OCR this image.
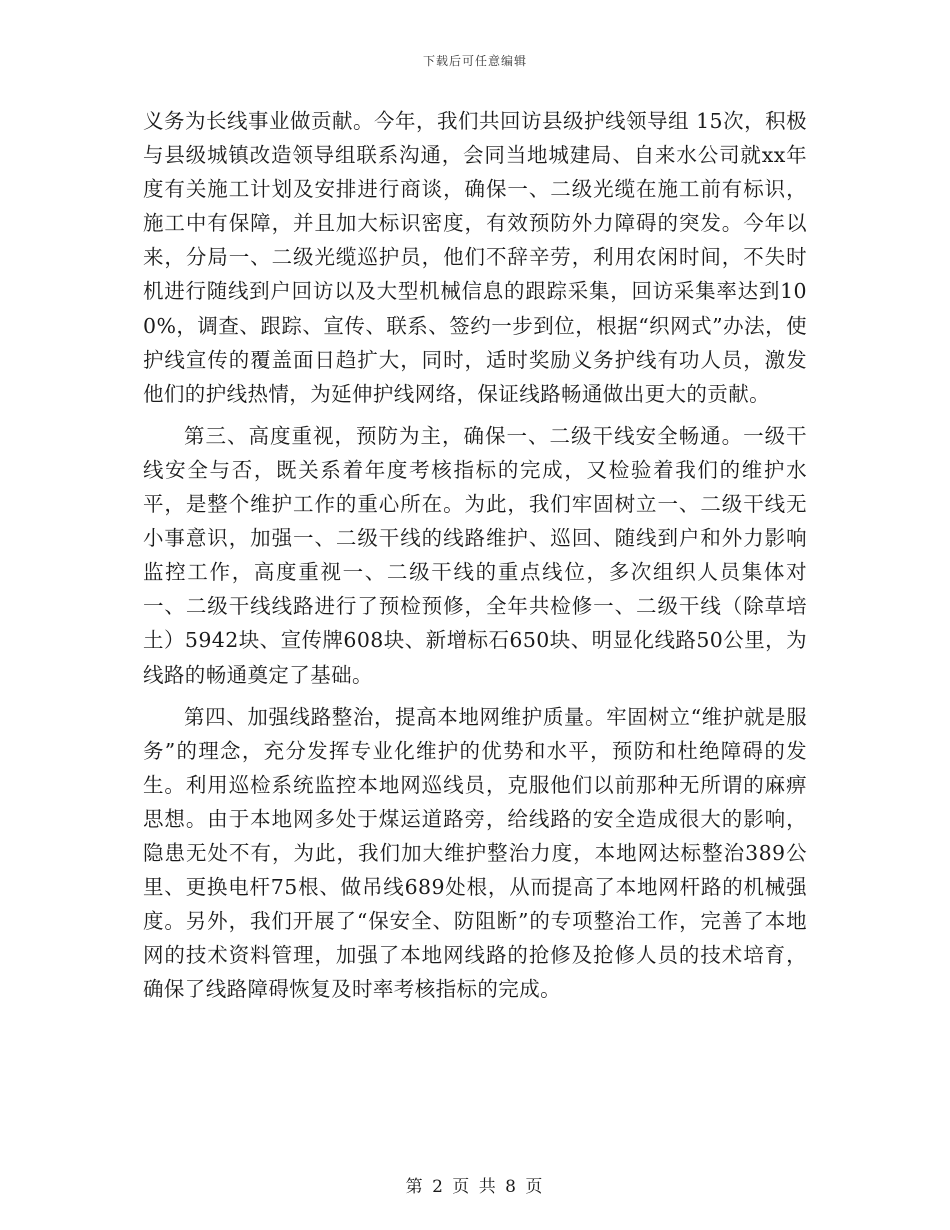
下载后可任意编辑

义务为长线事业做贡献。今年，我们共回访县级护线领导组 15次，积极与县级城镇改造领导组联系沟通，会同当地城建局、自来水公司就xx年度有关施工计划及安排进行商谈，确保一、二级光缆在施工前有标识，施工中有保障，并且加大标识密度，有效预防外力障碍的突发。今年以来，分局一、二级光缆巡护员，他们不辞辛劳，利用农闲时间，不失时机进行随线到户回访以及大型机械信息的跟踪采集，回访采集率达到100%，调查、跟踪、宣传、联系、签约一步到位，根据“织网式”办法，使护线宣传的覆盖面日趋扩大，同时，适时奖励义务护线有功人员，激发他们的护线热情，为延伸护线网络，保证线路畅通做出更大的贡献。

第三、高度重视，预防为主，确保一、二级干线安全畅通。一级干线安全与否，既关系着年度考核指标的完成，又检验着我们的维护水平，是整个维护工作的重心所在。为此，我们牢固树立一、二级干线无小事意识，加强一、二级干线的线路维护、巡回、随线到户和外力影响监控工作，高度重视一、二级干线的重点线位，多次组织人员集体对一、二级干线线路进行了预检预修，全年共检修一、二级干线（除草培土）5942块、宣传牌608块、新增标石650块、明显化线路50公里，为线路的畅通奠定了基础。

第四、加强线路整治，提高本地网维护质量。牢固树立“维护就是服务”的理念，充分发挥专业化维护的优势和水平，预防和杜绝障碍的发生。利用巡检系统监控本地网巡线员，克服他们以前那种无所谓的麻痹思想。由于本地网多处于煤运道路旁，给线路的安全造成很大的影响，隐患无处不有，为此，我们加大维护整治力度，本地网达标整治389公里、更换电杆75根、做吊线689处根，从而提高了本地网杆路的机械强度。另外，我们开展了“保安全、防阻断”的专项整治工作，完善了本地网的技术资料管理，加强了本地网线路的抢修及抢修人员的技术培育，确保了线路障碍恢复及时率考核指标的完成。

第 2 页 共 8 页
